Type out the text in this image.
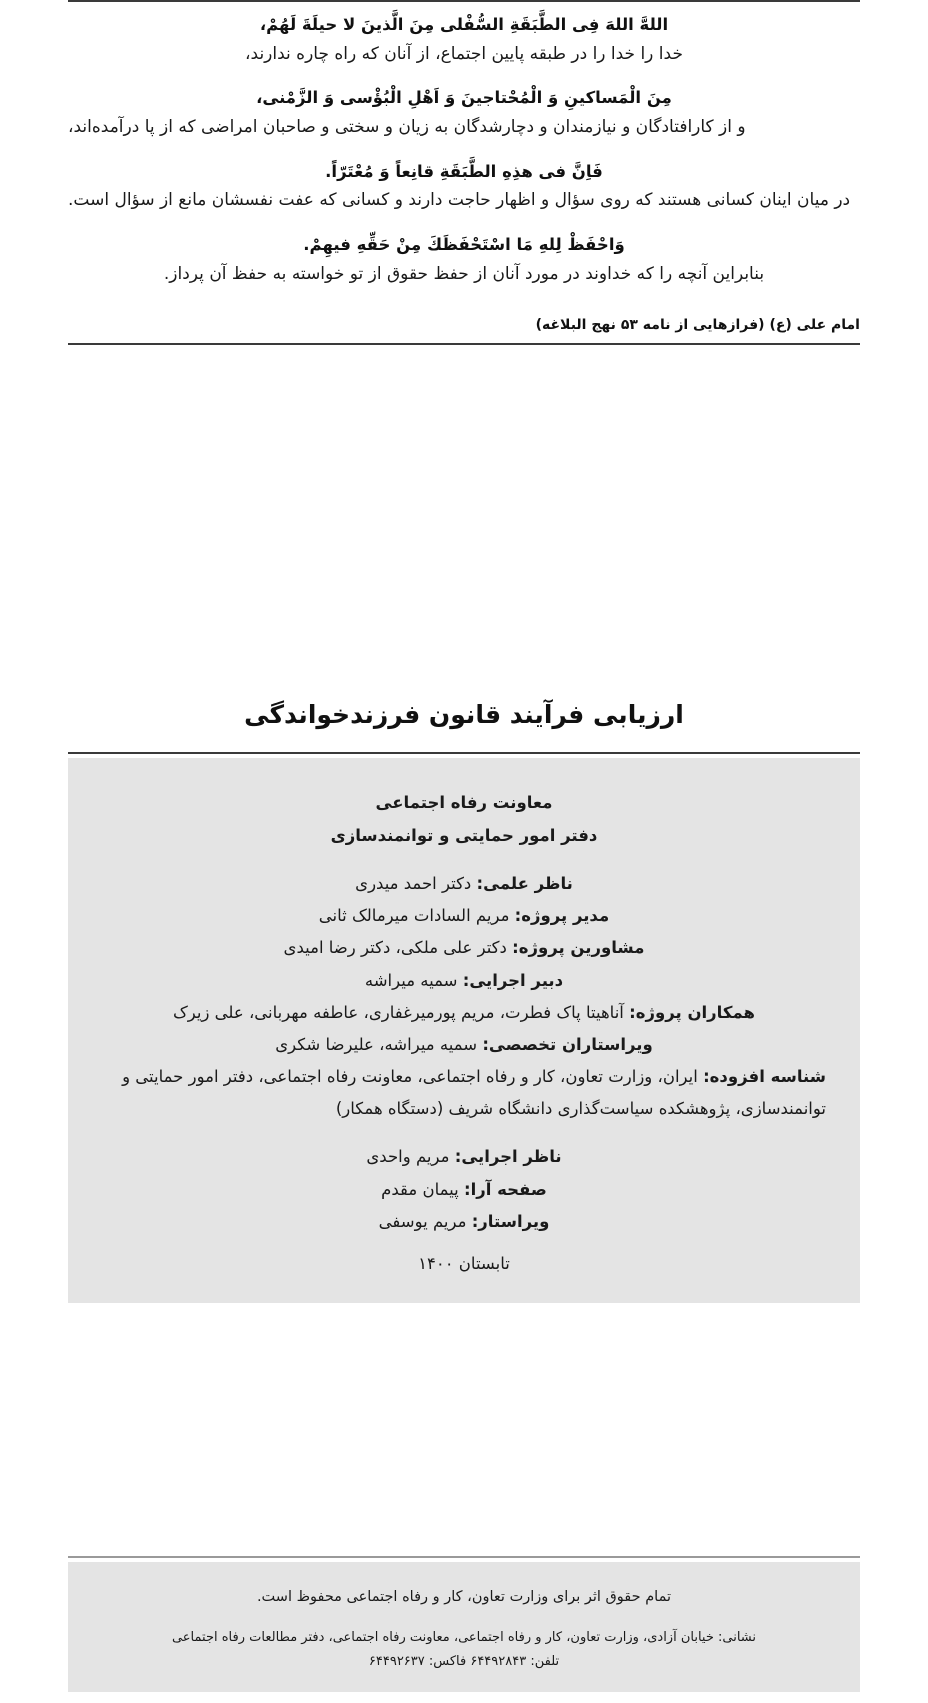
اللهَّ اللهَ فِى الطَّبَقَةِ السُّفْلى مِنَ الَّذينَ لا حيلَةَ لَهُمْ،

خدا را خدا را در طبقه پایین اجتماع، از آنان که راه چاره ندارند،

مِنَ الْمَساكينِ وَ الْمُحْتاجينَ وَ اَهْلِ الْبُؤْسى وَ الزَّمْنى،

و از کارافتادگان و نیازمندان و دچارشدگان به زیان و سختی و صاحبان امراضی که از پا درآمده‌اند،

فَاِنَّ فى هذِهِ الطَّبَقَةِ قانِعاً وَ مُعْتَرّاً.

در میان اینان کسانی هستند که روی سؤال و اظهار حاجت دارند و کسانی که عفت نفسشان مانع از سؤال است.

وَاحْفَظْ لِلهِ مَا اسْتَحْفَظَكَ مِنْ حَقِّهِ فيهِمْ.

بنابراین آنچه را که خداوند در مورد آنان از حفظ حقوق از تو خواسته به حفظ آن پرداز.

امام علی (ع) (فرازهایی از نامه ۵۳ نهج البلاغه)

ارزیابی فرآیند قانون فرزندخواندگی

معاونت رفاه اجتماعی

دفتر امور حمایتی و توانمندسازی

ناظر علمی: دکتر احمد میدری

مدیر پروژه: مریم السادات میرمالک ثانی

مشاورین پروژه: دکتر علی ملکی، دکتر رضا امیدی

دبیر اجرایی: سمیه میراشه

همکاران پروژه: آناهیتا پاک فطرت، مریم پورمیرغفاری، عاطفه مهربانی، علی زیرک

ویراستاران تخصصی: سمیه میراشه، علیرضا شکری

شناسه افزوده: ایران، وزارت تعاون، کار و رفاه اجتماعی، معاونت رفاه اجتماعی، دفتر امور حمایتی و توانمندسازی، پژوهشکده سیاست‌گذاری دانشگاه شریف (دستگاه همکار)

ناظر اجرایی: مریم واحدی

صفحه آرا: پیمان مقدم

ویراستار: مریم یوسفی

تابستان ۱۴۰۰

تمام حقوق اثر برای وزارت تعاون، کار و رفاه اجتماعی محفوظ است.

نشانی: خیابان آزادی، وزارت تعاون، کار و رفاه اجتماعی، معاونت رفاه اجتماعی، دفتر مطالعات رفاه اجتماعی

تلفن: ۶۴۴۹۲۸۴۳ فاکس: ۶۴۴۹۲۶۳۷
